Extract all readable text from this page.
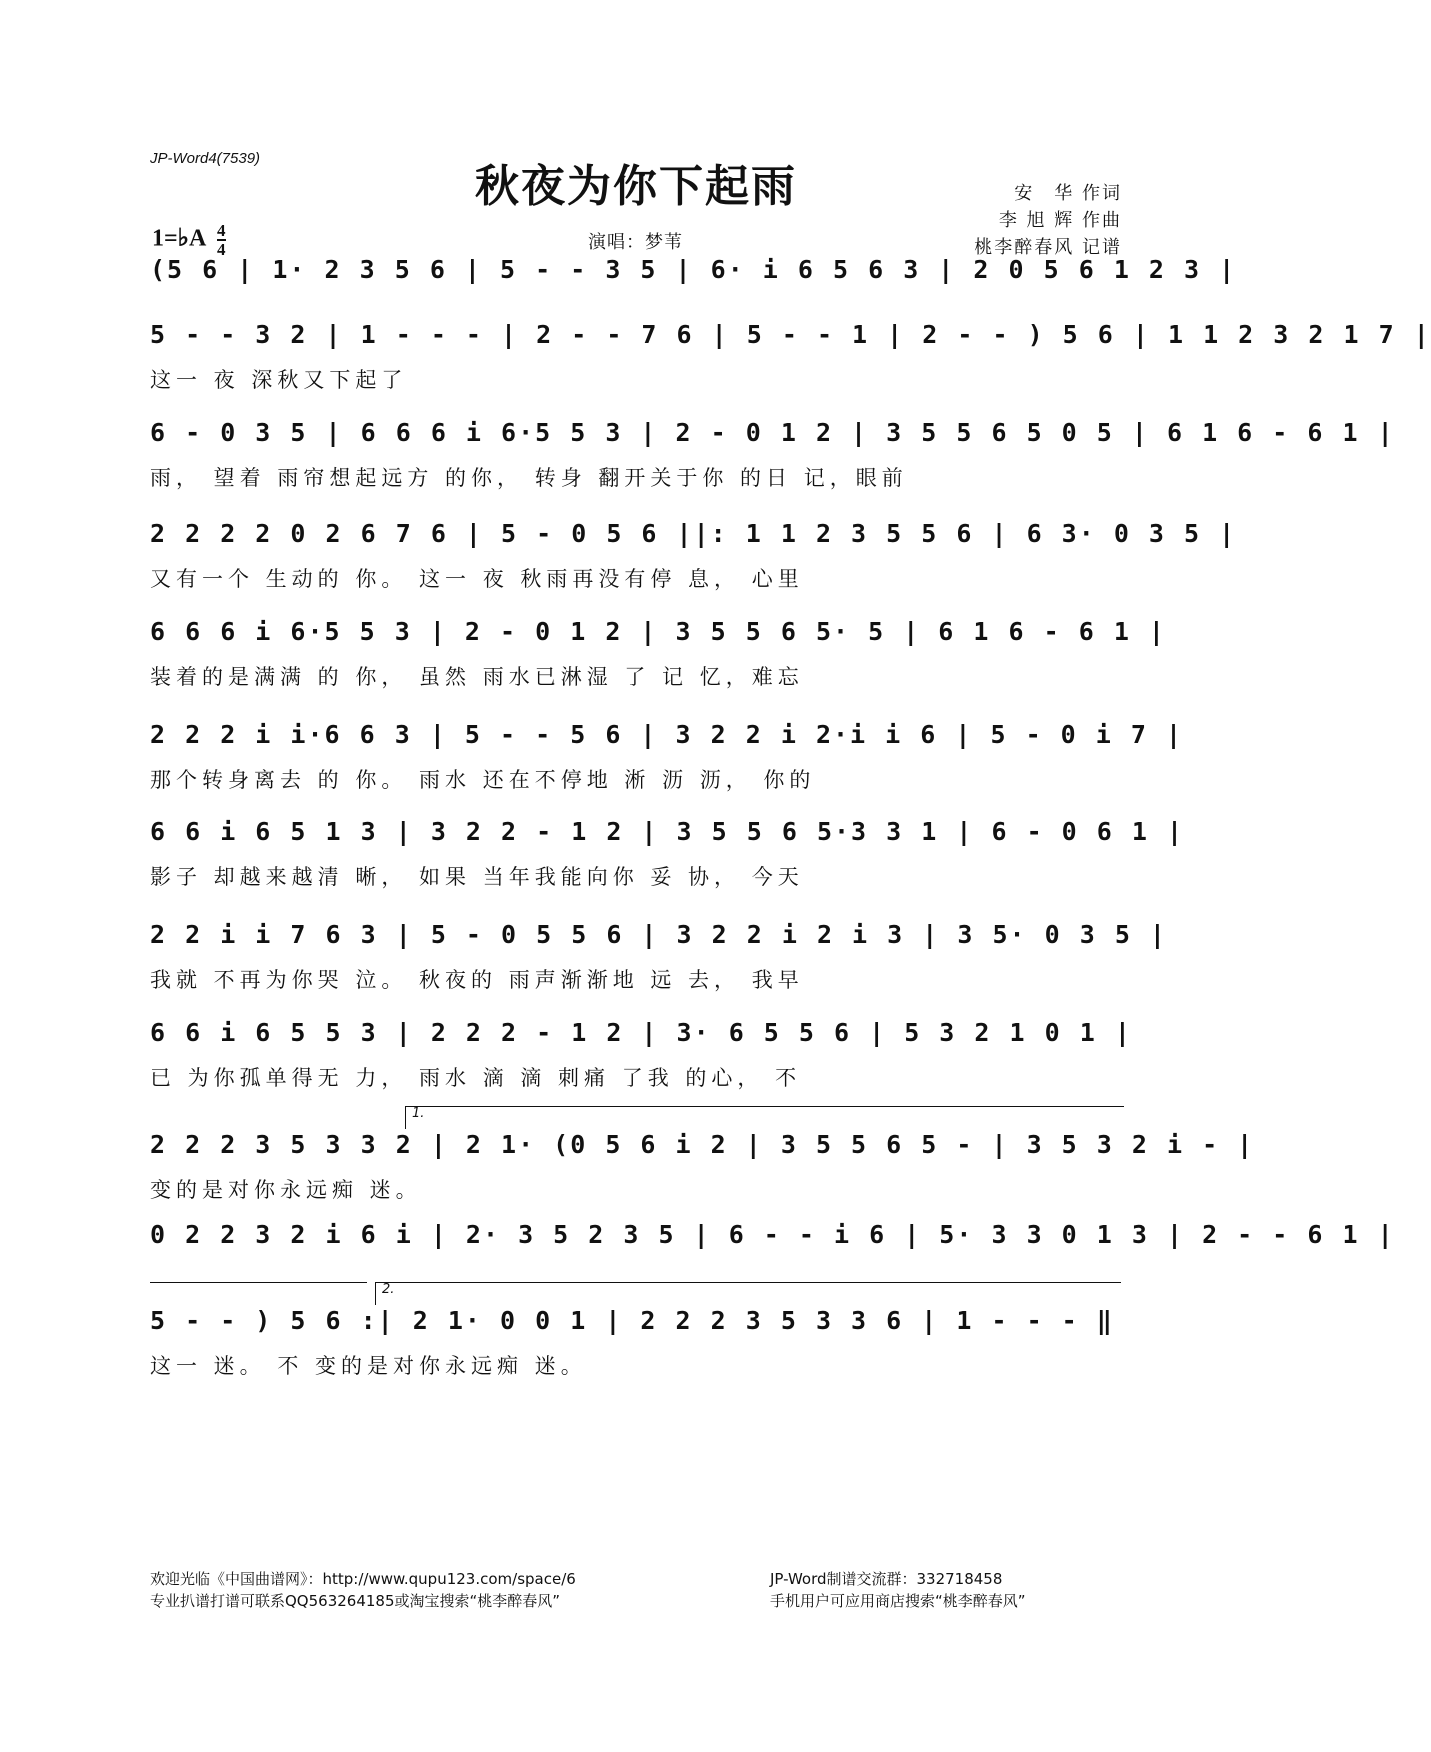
JP-Word4(7539)
秋夜为你下起雨	安　华 作词
李 旭 辉 作曲
桃李醉春风 记谱
1=♭A $\frac{4}{4}$	演唱：梦苇
(5 6 | 1· 2 3 5 6 | 5 - - 3 5 | 6· i 6 5 6 3 | 2 0 5 6 1 2 3 |
5 - - 3 2 | 1 - - - | 2 - - 7 6 | 5 - - 1 | 2 - - ) 5 6 | 1 1 2 3 2 1 7 |
这一 夜 深秋又下起了
6 - 0 3 5 | 6 6 6 i 6·5 5 3 | 2 - 0 1 2 | 3 5 5 6 5 0 5 | 6 1 6 - 6 1 |
雨， 望着 雨帘想起远方 的你， 转身 翻开关于你 的日 记，眼前
2 2 2 2 0 2 6 7 6 | 5 - 0 5 6 ||: 1 1 2 3 5 5 6 | 6 3· 0 3 5 |
又有一个 生动的 你。 这一 夜 秋雨再没有停 息， 心里
6 6 6 i 6·5 5 3 | 2 - 0 1 2 | 3 5 5 6 5· 5 | 6 1 6 - 6 1 |
装着的是满满 的 你， 虽然 雨水已淋湿 了 记 忆，难忘
2 2 2 i i·6 6 3 | 5 - - 5 6 | 3 2 2 i 2·i i 6 | 5 - 0 i 7 |
那个转身离去 的 你。 雨水 还在不停地 淅 沥 沥， 你的
6 6 i 6 5 1 3 | 3 2 2 - 1 2 | 3 5 5 6 5·3 3 1 | 6 - 0 6 1 |
影子 却越来越清 晰， 如果 当年我能向你 妥 协， 今天
2 2 i i 7 6 3 | 5 - 0 5 5 6 | 3 2 2 i 2 i 3 | 3 5· 0 3 5 |
我就 不再为你哭 泣。 秋夜的 雨声渐渐地 远 去， 我早
6 6 i 6 5 5 3 | 2 2 2 - 1 2 | 3· 6 5 5 6 | 5 3 2 1 0 1 |
已 为你孤单得无 力， 雨水 滴 滴 刺痛 了我 的心， 不
1.
2 2 2 3 5 3 3 2 | 2 1· (0 5 6 i 2 | 3 5 5 6 5 - | 3 5 3 2 i - |
变的是对你永远痴 迷。
0 2 2 3 2 i 6 i | 2· 3 5 2 3 5 | 6 - - i 6 | 5· 3 3 0 1 3 | 2 - - 6 1 |
2.
5 - - ) 5 6 :| 2 1· 0 0 1 | 2 2 2 3 5 3 3 6 | 1 - - - ‖
这一 迷。 不 变的是对你永远痴 迷。
欢迎光临《中国曲谱网》：http://www.qupu123.com/space/6
专业扒谱打谱可联系QQ563264185或淘宝搜索“桃李醉春风”
JP-Word制谱交流群：332718458
手机用户可应用商店搜索“桃李醉春风”
